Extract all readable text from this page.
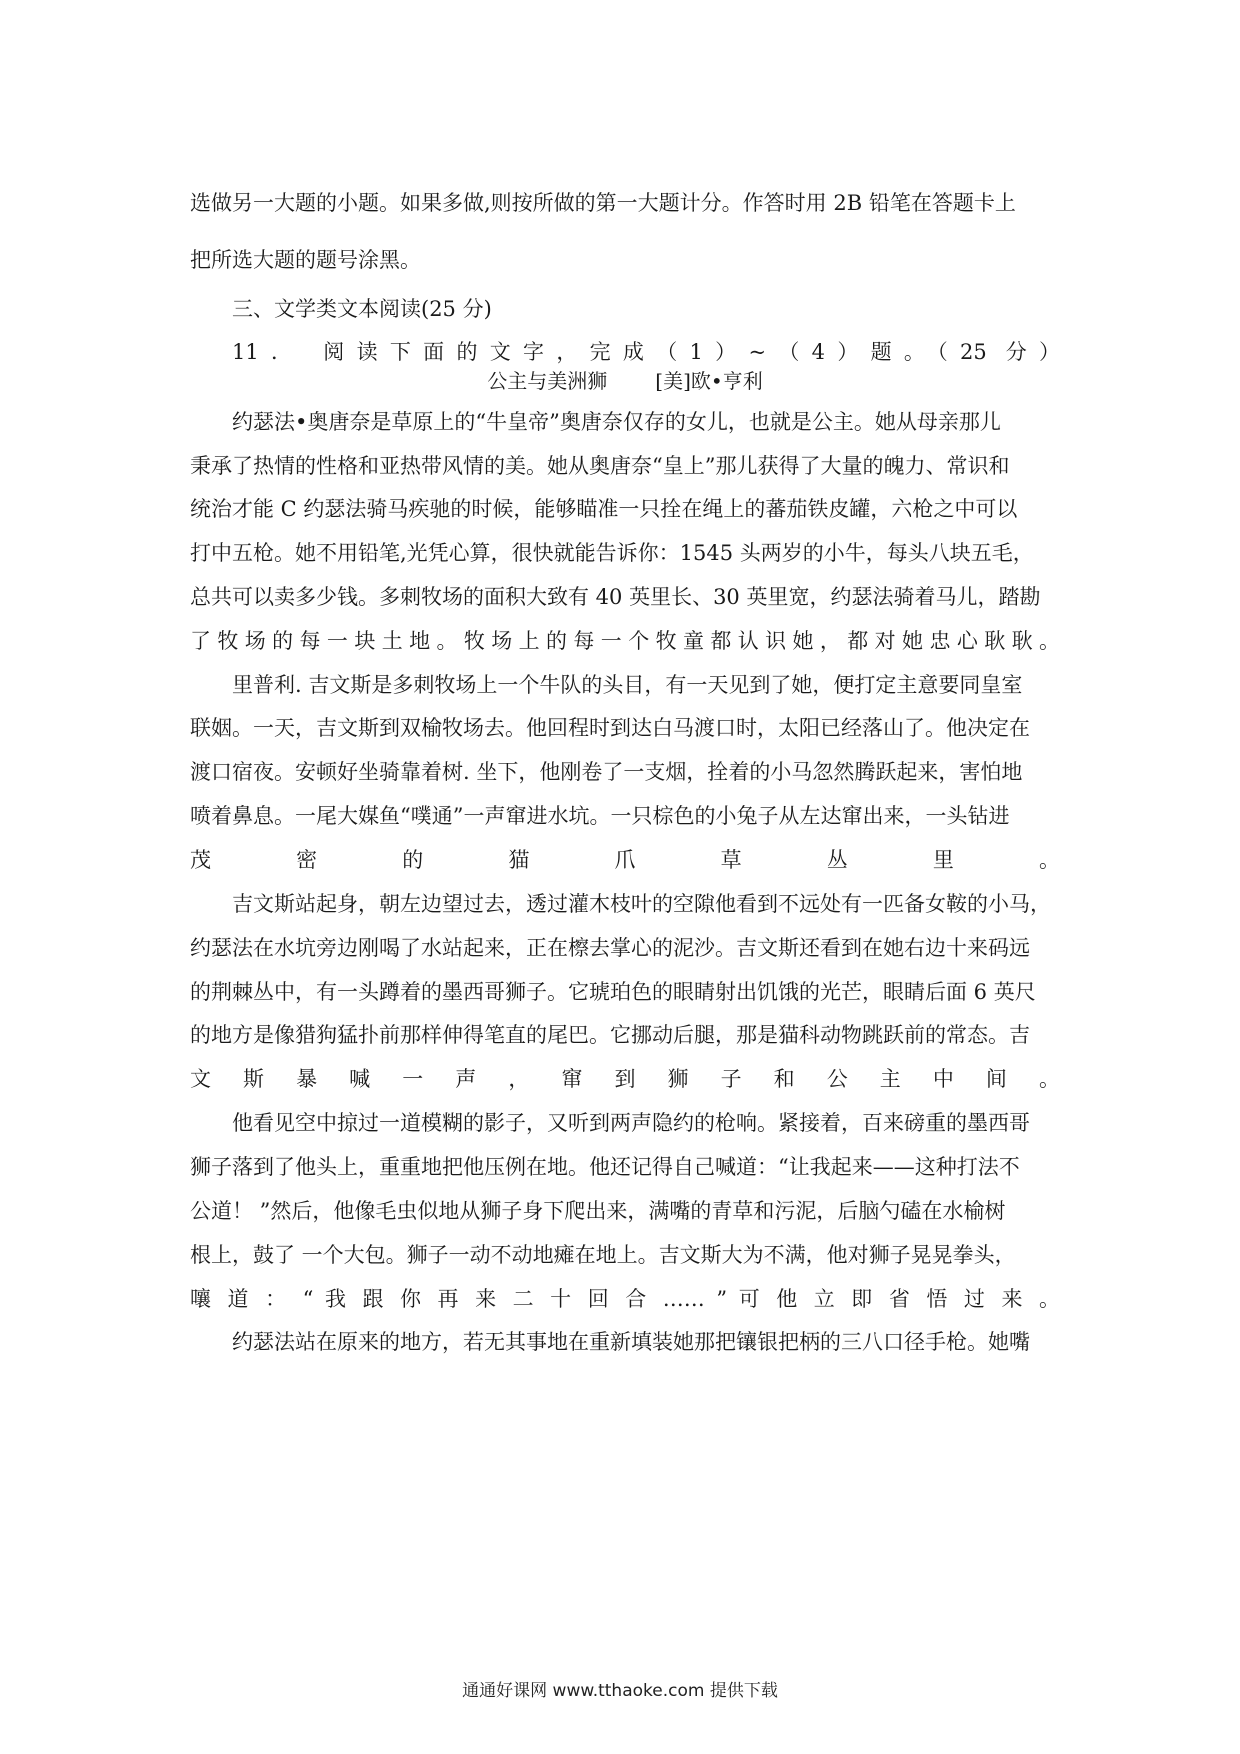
选做另一大题的小题。如果多做,则按所做的第一大题计分。作答时用 2B 铅笔在答题卡上
把所选大题的题号涂黑。
三、文学类文本阅读(25 分)
11． 阅读下面的文字，完成（1）~（4）题。（25 分）
公主与美洲狮 [美]欧•亨利
约瑟法•奥唐奈是草原上的“牛皇帝”奥唐奈仅存的女儿，也就是公主。她从母亲那儿
秉承了热情的性格和亚热带风情的美。她从奥唐奈“皇上”那儿获得了大量的魄力、常识和
统治才能 C 约瑟法骑马疾驰的时候，能够瞄准一只拴在绳上的蕃茄铁皮罐，六枪之中可以
打中五枪。她不用铅笔,光凭心算，很快就能告诉你：1545 头两岁的小牛，每头八块五毛，
总共可以卖多少钱。多刺牧场的面积大致有 40 英里长、30 英里宽，约瑟法骑着马儿，踏勘
了牧场的每一块土地。牧场上的每一个牧童都认识她，都对她忠心耿耿。
里普利. 吉文斯是多刺牧场上一个牛队的头目，有一天见到了她，便打定主意要同皇室
联姻。一天，吉文斯到双榆牧场去。他回程时到达白马渡口时，太阳已经落山了。他决定在
渡口宿夜。安顿好坐骑靠着树. 坐下，他刚卷了一支烟，拴着的小马忽然腾跃起来，害怕地
喷着鼻息。一尾大媒鱼“噗通”一声窜进水坑。一只棕色的小兔子从左达窜出来，一头钻进
茂 密 的 猫 爪 草 丛 里 。
吉文斯站起身，朝左边望过去，透过灌木枝叶的空隙他看到不远处有一匹备女鞍的小马，
约瑟法在水坑旁边刚喝了水站起来，正在檫去掌心的泥沙。吉文斯还看到在她右边十来码远
的荆棘丛中，有一头蹲着的墨西哥狮子。它琥珀色的眼睛射出饥饿的光芒，眼睛后面 6 英尺
的地方是像猎狗猛扑前那样伸得笔直的尾巴。它挪动后腿，那是猫科动物跳跃前的常态。吉
文 斯 暴 喊 一 声 ， 窜 到 狮 子 和 公 主 中 间 。
他看见空中掠过一道模糊的影子，又听到两声隐约的枪响。紧接着，百来磅重的墨西哥
狮子落到了他头上，重重地把他压例在地。他还记得自己喊道：“让我起来——这种打法不
公道！ ”然后，他像毛虫似地从狮子身下爬出来，满嘴的青草和污泥，后脑勺磕在水榆树
根上，鼓了 一个大包。狮子一动不动地瘫在地上。吉文斯大为不满，他对狮子晃晃拳头，
嚷 道 ： “ 我 跟 你 再 来 二 十 回 合 …… ” 可 他 立 即 省 悟 过 来 。
约瑟法站在原来的地方，若无其事地在重新填装她那把镶银把柄的三八口径手枪。她嘴
通通好课网 www.tthaoke.com 提供下载
